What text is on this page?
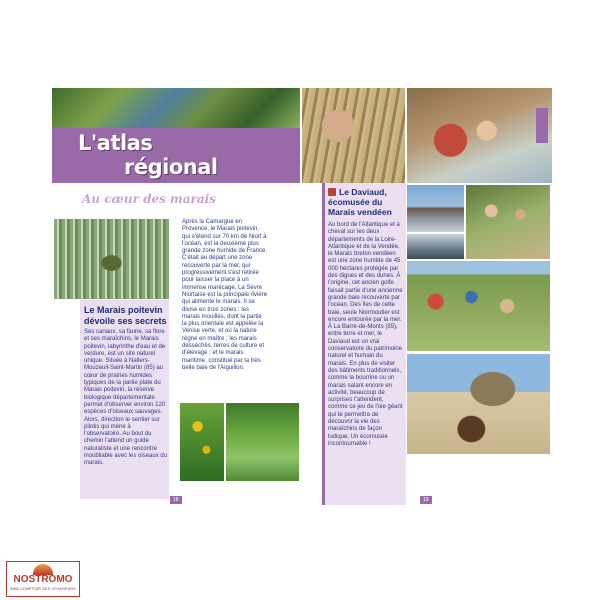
L'atlas
régional
Au cœur des marais
Le Marais poitevin dévoile ses secrets
Ses canaux, sa faune, sa flore et ses maraîchins, le Marais poitevin, labyrinthe d'eau et de verdure, est un site naturel unique. Située à Nallers-Mouzeuil-Saint-Martin (85) au cœur de prairies humides typiques de la partie plate du Marais poitevin, la réserve biologique départementale permet d'observer environ 120 espèces d'oiseaux sauvages. Alors, direction le sentier sur pilotis qui mène à l'observatoire. Au bout du chemin l'attend un guide naturaliste et une rencontre inoubliable avec les oiseaux du marais.
Après la Camargue en Provence, le Marais poitevin, qui s'étend sur 70 km de Niort à l'océan, est la deuxième plus grande zone humide de France. C'était au départ une zone recouverte par la mer, qui progressivement s'est retirée pour laisser la place à un immense marécage. La Sèvre Niortaise est la principale rivière qui alimente le marais. Il se divise en trois zones : les marais mouillés, dont la partie la plus orientale est appelée la Venise verte, et où la nature règne en maître ; les marais desséchés, terres de culture et d'élevage ; et le marais maritime, constitué par la très belle baie de l'Aiguillon.
18
Le Daviaud, écomusée du Marais vendéen
Au bord de l'Atlantique et à cheval sur les deux départements de la Loire-Atlantique et de la Vendée, le Marais breton vendéen est une zone humide de 45 000 hectares protégée par des digues et des dunes. À l'origine, cet ancien golfe faisait partie d'une ancienne grande baie recouverte par l'océan. Des îles de cette baie, seule Noirmoutier est encore entourée par la mer. À La Barre-de-Monts (85), entre terre et mer, le Daviaud est un vrai conservatoire du patrimoine naturel et humain du marais. En plus de visiter des bâtiments traditionnels, comme la bourrine ou un marais salant encore en activité, beaucoup de surprises t'attendent, comme ce jeu de l'oie géant qui te permettra de découvrir la vie des maraîchins de façon ludique. Un écomusée incontournable !
19
NOSTROMO
WEB COMPTOIR DES VOYAGEURS
